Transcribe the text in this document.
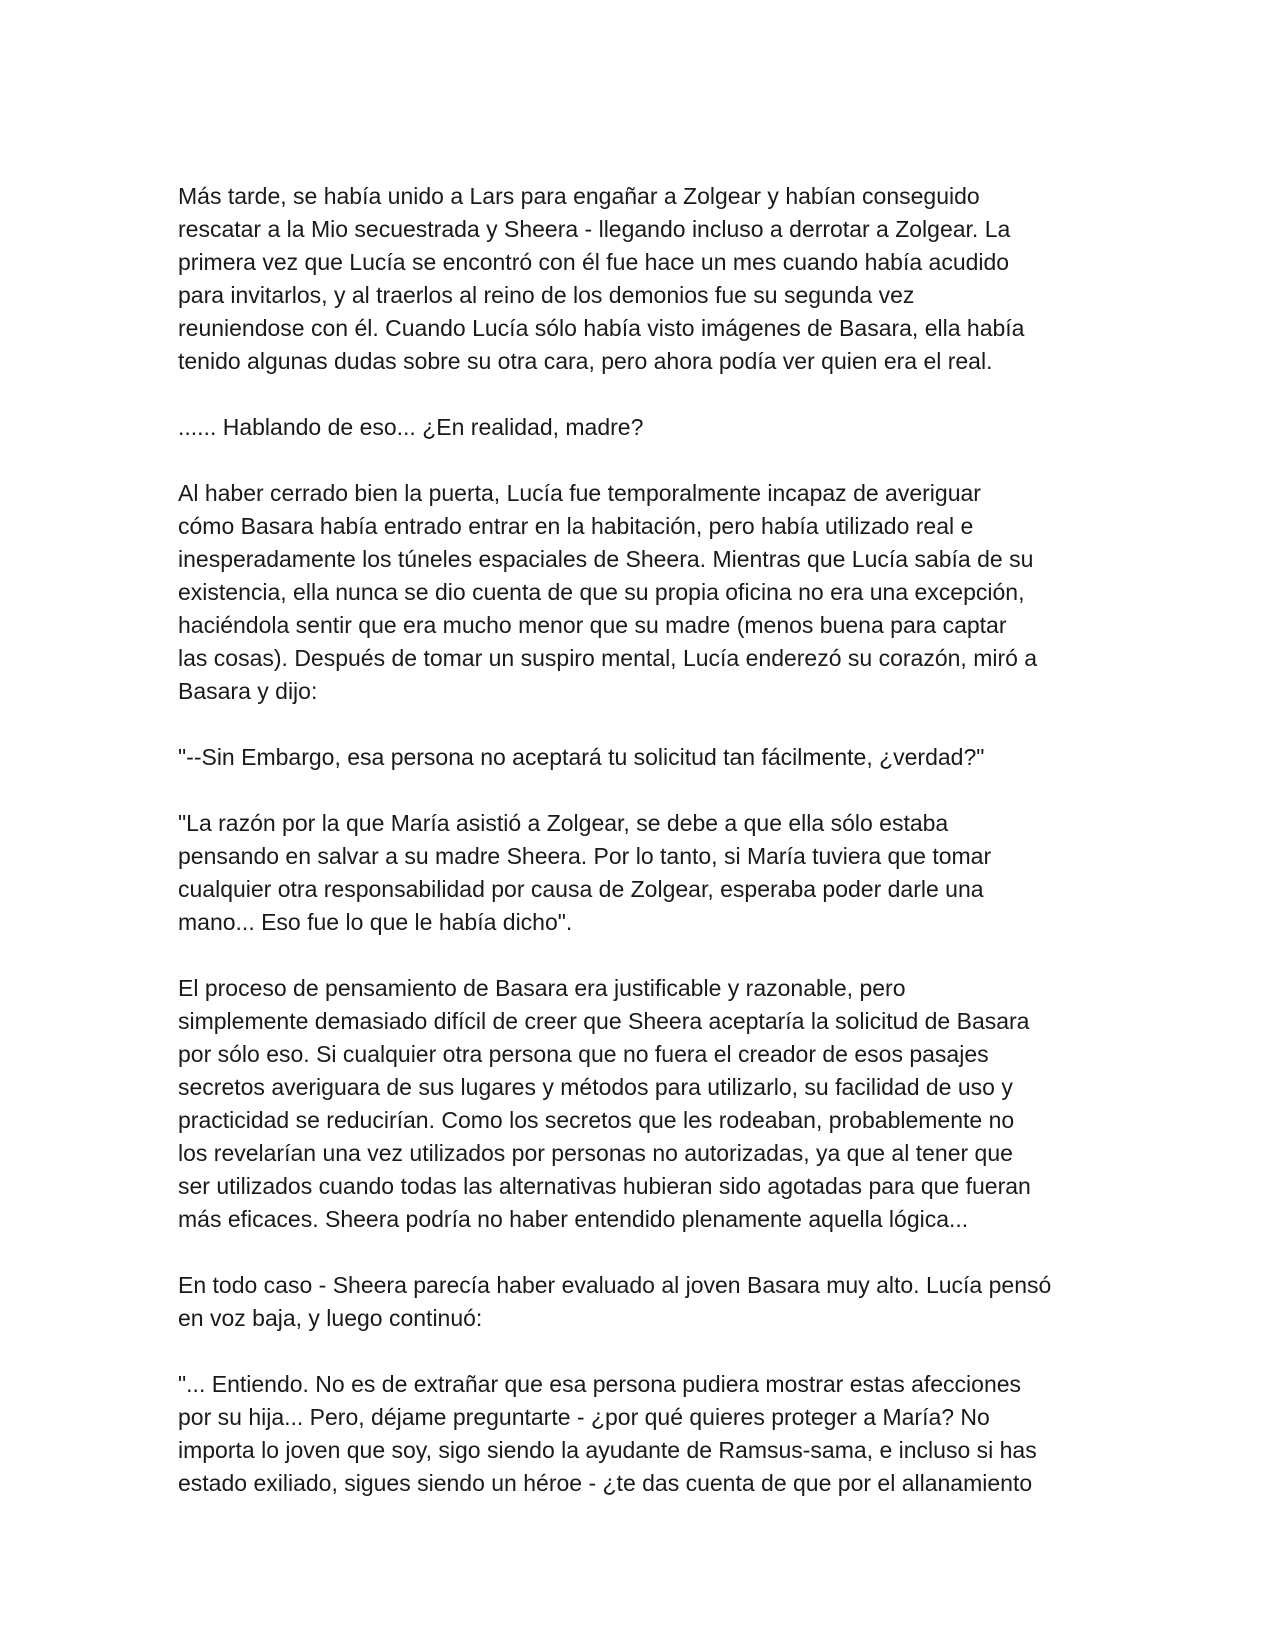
Más tarde, se había unido a Lars para engañar a Zolgear y habían conseguido
rescatar a la Mio secuestrada y Sheera - llegando incluso a derrotar a Zolgear. La
primera vez que Lucía se encontró con él fue hace un mes cuando había acudido
para invitarlos, y al traerlos al reino de los demonios fue su segunda vez
reuniendose con él. Cuando Lucía sólo había visto imágenes de Basara, ella había
tenido algunas dudas sobre su otra cara, pero ahora podía ver quien era el real.

...... Hablando de eso... ¿En realidad, madre?

Al haber cerrado bien la puerta, Lucía fue temporalmente incapaz de averiguar
cómo Basara había entrado entrar en la habitación, pero había utilizado real e
inesperadamente los túneles espaciales de Sheera. Mientras que Lucía sabía de su
existencia, ella nunca se dio cuenta de que su propia oficina no era una excepción,
haciéndola sentir que era mucho menor que su madre (menos buena para captar
las cosas). Después de tomar un suspiro mental, Lucía enderezó su corazón, miró a
Basara y dijo:

"--Sin Embargo, esa persona no aceptará tu solicitud tan fácilmente, ¿verdad?"

"La razón por la que María asistió a Zolgear, se debe a que ella sólo estaba
pensando en salvar a su madre Sheera. Por lo tanto, si María tuviera que tomar
cualquier otra responsabilidad por causa de Zolgear, esperaba poder darle una
mano... Eso fue lo que le había dicho".

El proceso de pensamiento de Basara era justificable y razonable, pero
simplemente demasiado difícil de creer que Sheera aceptaría la solicitud de Basara
por sólo eso. Si cualquier otra persona que no fuera el creador de esos pasajes
secretos averiguara de sus lugares y métodos para utilizarlo, su facilidad de uso y
practicidad se reducirían. Como los secretos que les rodeaban, probablemente no
los revelarían una vez utilizados por personas no autorizadas, ya que al tener que
ser utilizados cuando todas las alternativas hubieran sido agotadas para que fueran
más eficaces. Sheera podría no haber entendido plenamente aquella lógica...

En todo caso - Sheera parecía haber evaluado al joven Basara muy alto. Lucía pensó
en voz baja, y luego continuó:

"... Entiendo. No es de extrañar que esa persona pudiera mostrar estas afecciones
por su hija... Pero, déjame preguntarte - ¿por qué quieres proteger a María? No
importa lo joven que soy, sigo siendo la ayudante de Ramsus-sama, e incluso si has
estado exiliado, sigues siendo un héroe - ¿te das cuenta de que por el allanamiento
